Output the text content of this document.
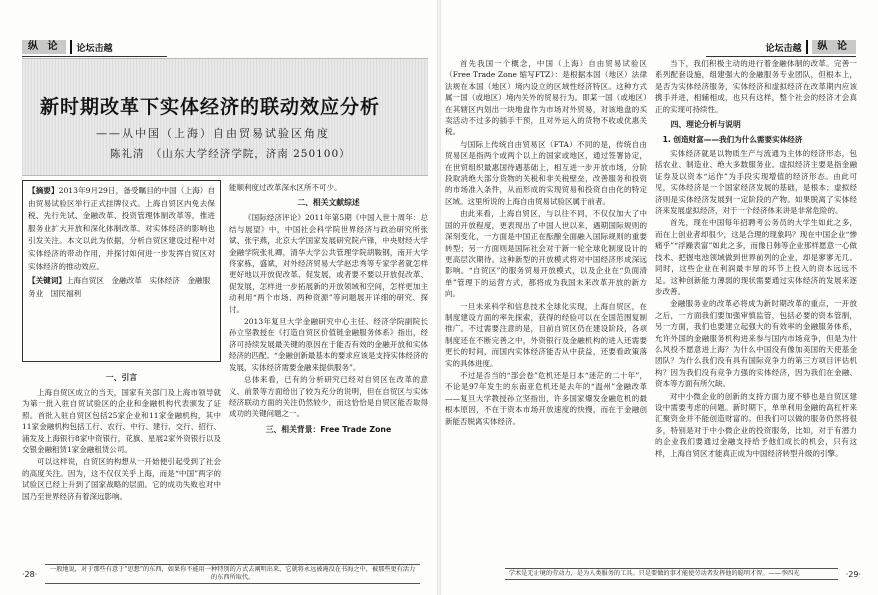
纵 论	论坛击越
新时期改革下实体经济的联动效应分析
——从中国（上海）自由贸易试验区角度
陈礼清　（山东大学经济学院，济南 250100）

【摘要】2013年9月29日，备受瞩目的中国（上海）自由贸易试验区举行正式挂牌仪式。上海自贸区内免去保税、先行先试、金融改革、投资管理体制改革等，推进服务业扩大开放和深化体制改革。对实体经济的影响也引发关注。本文以此为依据，分析自贸区建设过程中对实体经济的带动作用，并探讨如何进一步发挥自贸区对实体经济的推动效应。

【关键词】上海自贸区　金融改革　实体经济　金融服务业　国民福利

一、引言

上海自贸区成立的当天，国家有关部门及上海市领导就为第一批入驻自贸试验区的企业和金融机构代表颁发了证照。首批入驻自贸区包括25家企业和11家金融机构，其中11家金融机构包括工行、农行、中行、建行、交行、招行、浦发及上海银行8家中资银行，花旗、星展2家外资银行以及交银金融租赁1家金融租赁公司。

可以这样说，自贸区的构想从一开始便引起受到了社会的高度关注。因为，这不仅仅关乎上海，而是“中国”两字的试验区已经上升到了国家战略的层面。它的成功失败也对中国乃至世界经济有着深远影响。

能顺利度过改革深水区所不可少。

二、相关文献综述

《国际经济评论》2011年第5期《中国入世十周年：总结与展望》中，中国社会科学院世界经济与政治研究所张斌、张宇燕，北京大学国家发展研究院卢锋，中央财经大学金融学院张礼卿，清华大学公共管理学院胡鞍钢，南开大学佟家栋，盛斌，对外经济贸易大学赵忠秀等专家学者就怎样更好地以开放促改革、促发展，或者要不要以开放促改革、促发展，怎样进一步拓展新的开放领域和空间，怎样更加主动利用“两个市场、两种资源”等问题展开详细的研究、探讨。

2013年复旦大学金融研究中心主任、经济学院副院长孙立坚教授在《打造自贸区价值链金融服务体系》指出，经济可持续发展最关键的原因在于能否有效的金融开放和实体经济的匹配。“金融创新最基本的要求应该是支持实体经济的发展，实体经济需要金融来提供服务”。

总体来看，已有的分析研究已经对自贸区在改革的意义、前景等方面给出了较为充分的说明，但在自贸区与实体经济联动方面的关注仍然较少，而这恰恰是自贸区能否取得成功的关键问题之一。

三、相关背景：Free Trade Zone
·28·
一般地说，对于那些有意于“思想”的东西，如果你不能用一种特别的方式去阐明出来，它就将永远被淹没在书海之中，被那些更有活力的东西所取代。
论坛击越	纵 论

首先我国一个概念，中国（上海）自由贸易试验区（Free Trade Zone 缩写FTZ）：是根据本国（地区）法律法规在本国（地区）境内设立的区域性经济特区。这种方式属一国（或地区）境内关外的贸易行为。即某一国（或地区）在其辖区内划出一块地盘作为市场对外贸易，对该地盘的买卖活动不过多的插手干预，且对外运入的货物不收或优惠关税。

与国际上传统自由贸易区（FTA）不同的是，传统自由贸易区是指两个或两个以上的国家或地区，通过签署协定，在世贸组织最惠国待遇基础上，相互进一步开放市场，分阶段取消绝大部分货物的关税和非关税壁垒，改善服务和投资的市场准入条件，从而形成的实现贸易和投资自由化的特定区域。这里所说的上海自由贸易试验区属于前者。

由此来看，上海自贸区，与以往不同，不仅仅加大了中国的开放程度，更表现出了中国人世以来，遇期国际规则的深刻变化，一方面是中国正在酝酿全面融入国际规则的重要转型；另一方面则是国际社会对于新一轮全球化制度设计的更高层次期待。这种新型的开放模式将对中国经济形成深远影响。“自贸区”的服务贸易开放模式，以及企业在“负面清单”管理下的运营方式，都将成为我国未来改革开放的新方向。

一旦未来科学和信息技术全球化实现，上海自贸区，在制度建设方面的率先探索，获得的经验可以在全国范围复制推广。不过需要注意的是，目前自贸区仍在建设阶段，各项制度还在不断完善之中，外资银行及金融机构的进入还需要更长的时间，而国内实体经济能否从中获益，还要看政策落实的具体进度。

不过是否当的“部会卷”危机还是日本“迷茫的二十年”，不论是97年发生的东南亚危机还是去年的“温州”金融改革——复旦大学教授孙立坚指出，许多国家爆发金融危机的最根本原因，不在于资本市场开放速度的快慢，而在于金融创新能否脱离实体经济。

当下，我们积极主动的进行着金融体制的改革。完善一系列配套设施，组建强大的金融服务专业团队，但根本上，是否为实体经济服务，实体经济和虚拟经济在改革期内应该携手并进，相辅相成，也只有这样，整个社会的经济才会真正的实现可持续性。

四、理论分析与说明
1. 创造财富——我们为什么需要实体经济

实体经济就是以物质生产与流通为主体的经济形态，包括农业、制造业、绝大多数服务业。虚拟经济主要是指金融证券及以资本“运作”为手段实现增值的经济形态。由此可见，实体经济是一个国家经济发展的基础，是根本；虚拟经济则是实体经济发展到一定阶段的产物。如果脱离了实体经济来发展虚拟经济，对于一个经济体来讲是非常危险的。

首先，现在中国每年招聘考公务员的大学生如此之多，而在上创业者却很少，这是合理的现象吗？现在中国企业“惨痛乎”“浮躁表富”如此之多，而像日韩等企业那样愿意一心做技术、把握电池领域做到世界前列的企业，却是寥寥无几。同时，这些企业在利润最丰厚的环节上投入的资本远远不足。这种创新能力薄弱的现状需要通过实体经济的发展来逐步改善。

金融服务业的改革必将成为新时期改革的重点，一开放之后，一方面我们要加强审慎监管，包括必要的资本管制，另一方面，我们也要建立起强大的有效率的金融服务体系，允许外国的金融服务机构进来参与国内市场竞争，但是为什么风投不愿意进上海？为什么中国没有像加美国的天使基金团队？为什么我们没有具有国际竞争力的第三方项目评估机构？因为我们没有竞争力强的实体经济，因为我们在金融、资本等方面有所欠缺。

对中小微企业的创新的支持方面力度不够也是自贸区建设中需要考虑的问题。新时期下，单单利用金融的高杠杆来汇聚资金并不能创造财富的。但我们可以做的服务仍然将很多，特别是对于中小微企业的投资服务，比如，对于有潜力的企业我们要通过金融支持给予他们成长的机会，只有这样，上海自贸区才能真正成为中国经济转型升级的引擎。

学术是无止境的劳动力，是为人类服务的工具。只是要做的事才能使劳动者发挥他的聪明才智。——李四光	·29·
